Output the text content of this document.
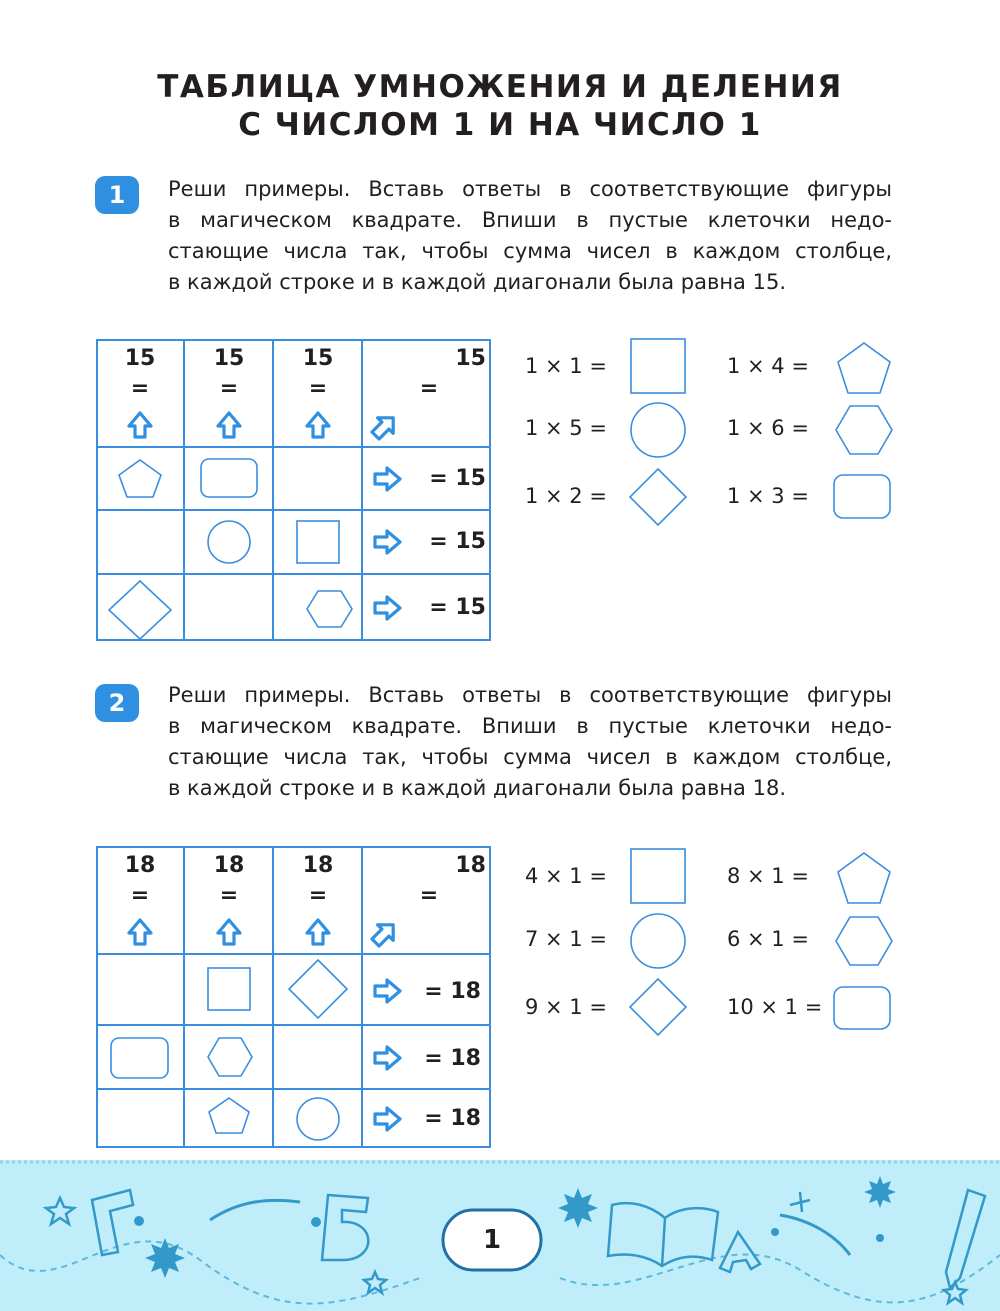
ТАБЛИЦА УМНОЖЕНИЯ И ДЕЛЕНИЯ
С ЧИСЛОМ 1 И НА ЧИСЛО 1
1	Реши примеры. Вставь ответы в соответствующие фигуры
в магическом квадрате. Впиши в пустые клеточки недо-
стающие числа так, чтобы сумма чисел в каждом столбце,
в каждой строке и в каждой диагонали была равна 15.

15	15	15	15
=	=	=	=
= 15
= 15
= 15
1 × 1 =
1 × 5 =
1 × 2 =
1 × 4 =
1 × 6 =
1 × 3 =
2	Реши примеры. Вставь ответы в соответствующие фигуры
в магическом квадрате. Впиши в пустые клеточки недо-
стающие числа так, чтобы сумма чисел в каждом столбце,
в каждой строке и в каждой диагонали была равна 18.

18	18	18	18
=	=	=	=
= 18
= 18
= 18
4 × 1 =
7 × 1 =
9 × 1 =
8 × 1 =
6 × 1 =
10 × 1 =
1
